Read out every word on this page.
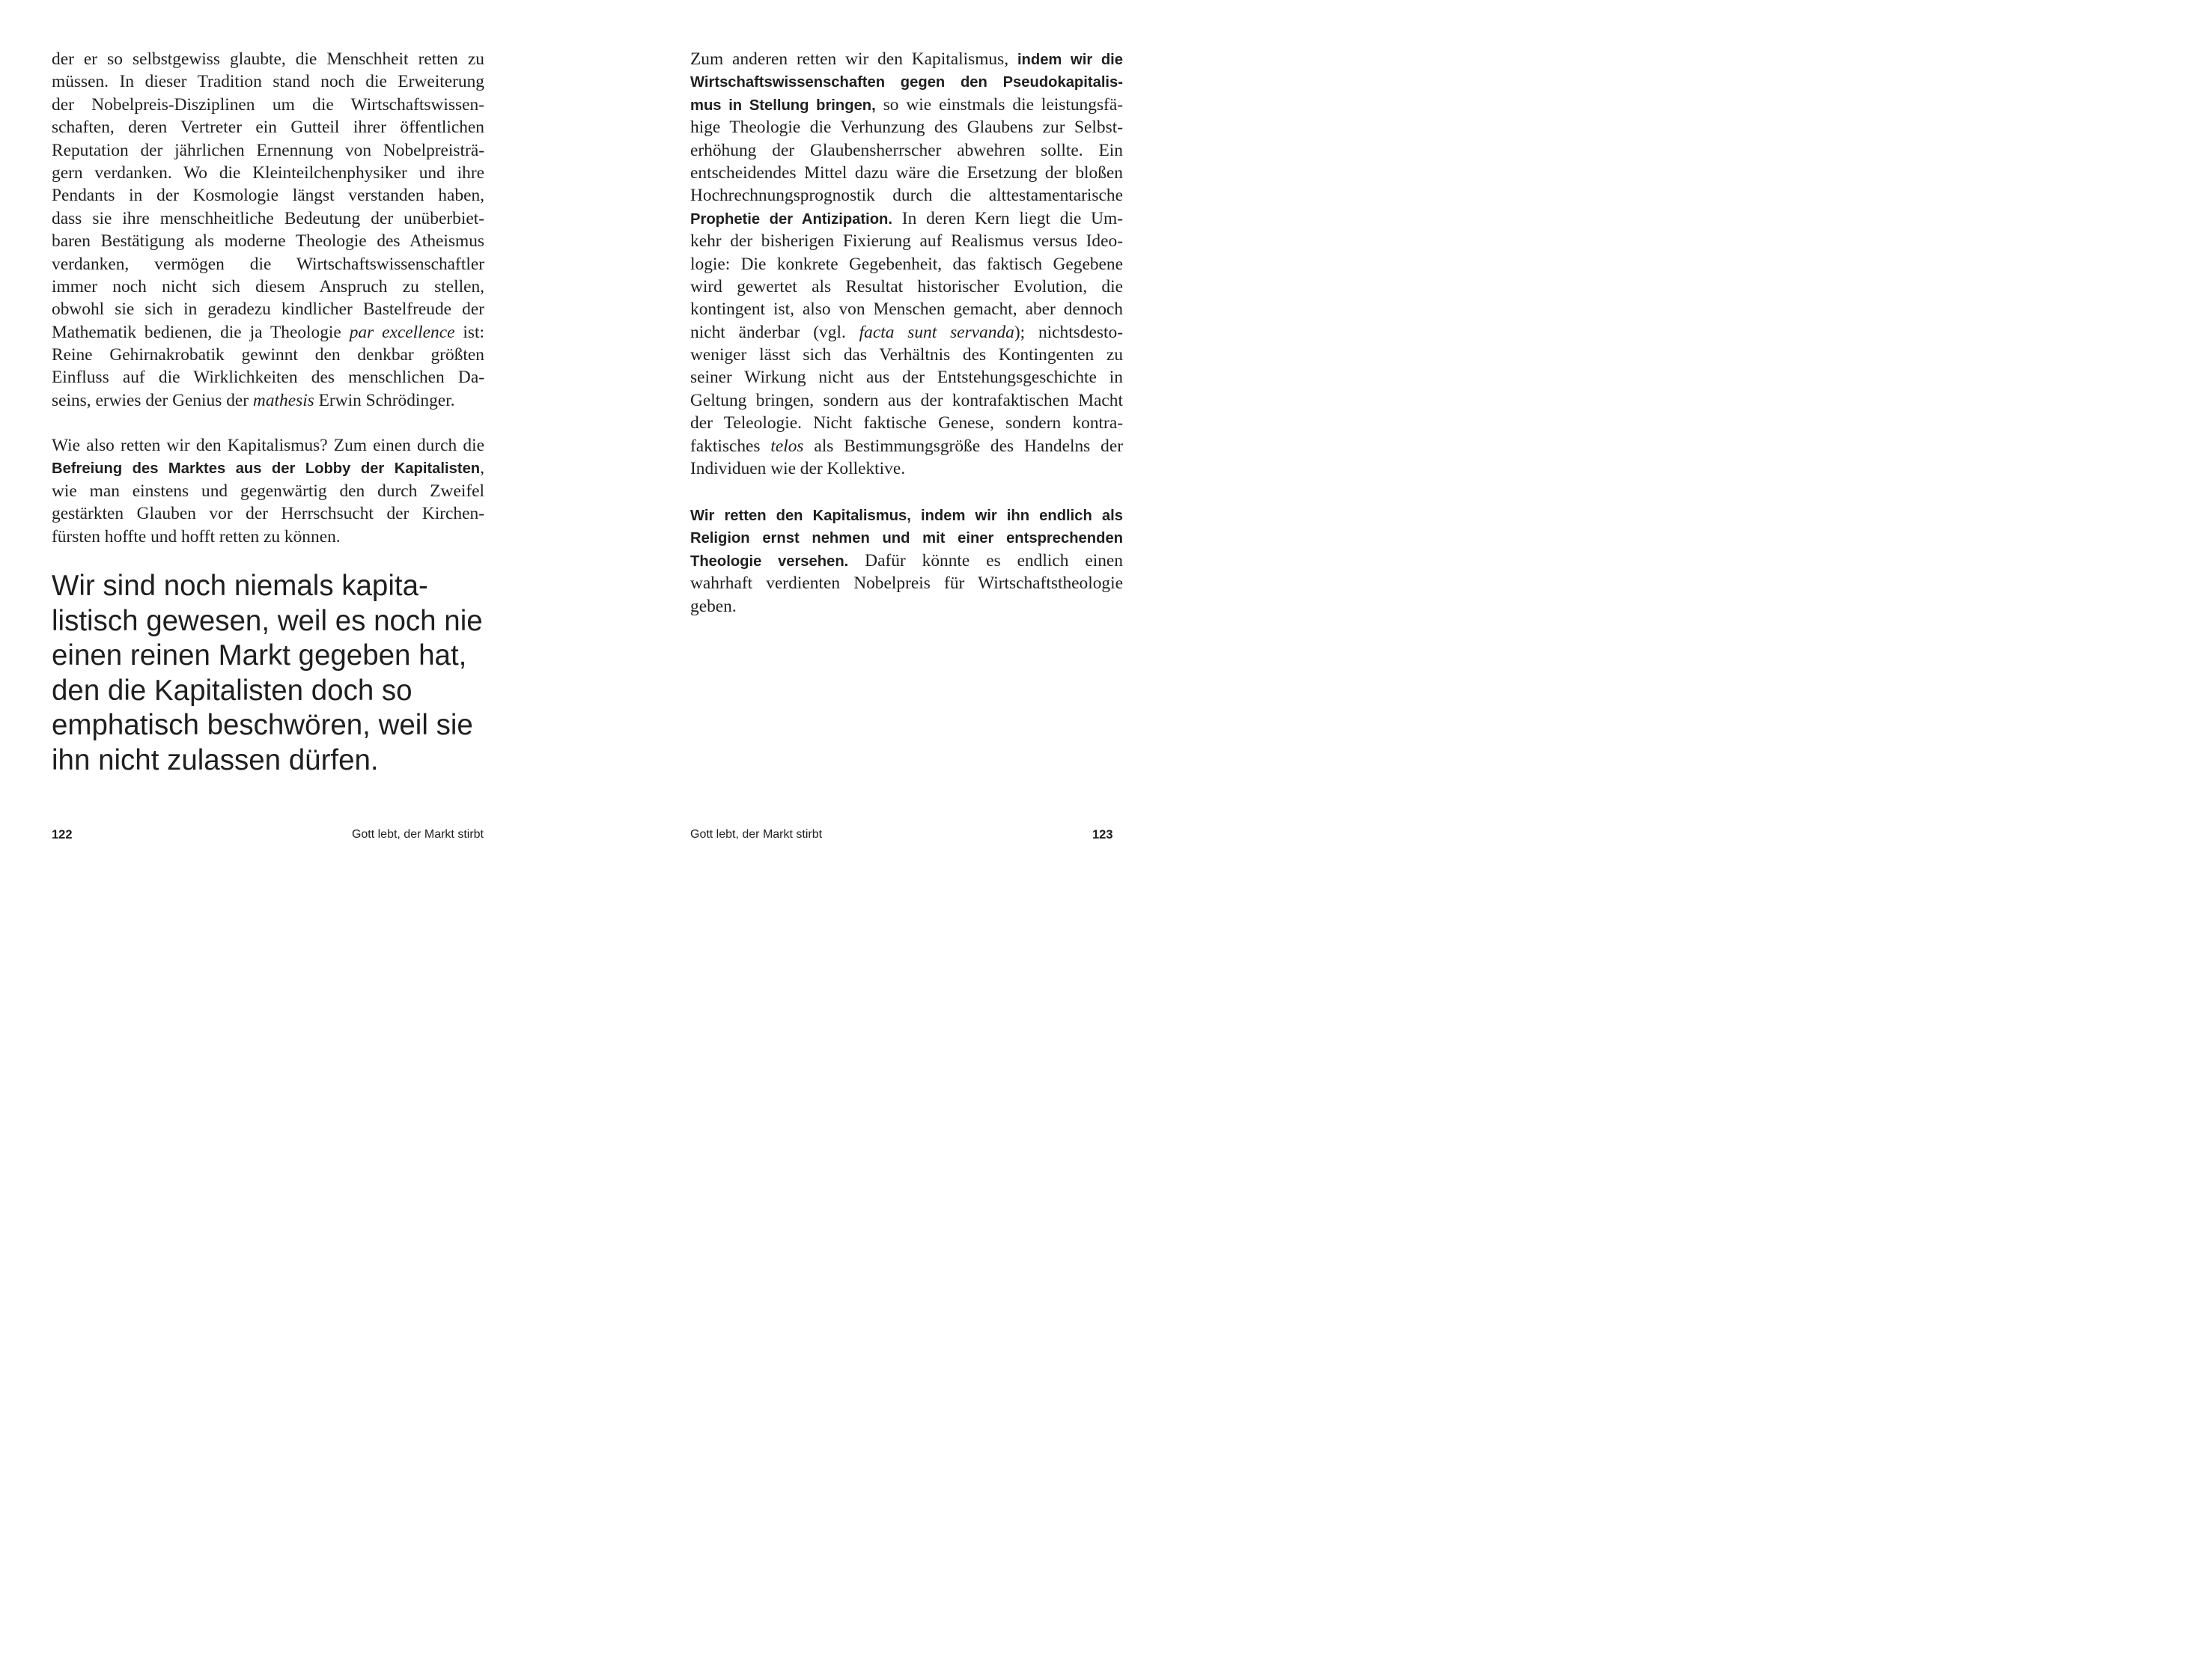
der er so selbstgewiss glaubte, die Menschheit retten zu
müssen. In dieser Tradition stand noch die Erweiterung
der Nobelpreis-Disziplinen um die Wirtschaftswissen-
schaften, deren Vertreter ein Gutteil ihrer öffentlichen
Reputation der jährlichen Ernennung von Nobelpreisträ-
gern verdanken. Wo die Kleinteilchenphysiker und ihre
Pendants in der Kosmologie längst verstanden haben,
dass sie ihre menschheitliche Bedeutung der unüberbiet-
baren Bestätigung als moderne Theologie des Atheismus
verdanken, vermögen die Wirtschaftswissenschaftler
immer noch nicht sich diesem Anspruch zu stellen,
obwohl sie sich in geradezu kindlicher Bastelfreude der
Mathematik bedienen, die ja Theologie par excellence ist:
Reine Gehirnakrobatik gewinnt den denkbar größten
Einfluss auf die Wirklichkeiten des menschlichen Da-
seins, erwies der Genius der mathesis Erwin Schrödinger.
Wie also retten wir den Kapitalismus? Zum einen durch die
Befreiung des Marktes aus der Lobby der Kapitalisten,
wie man einstens und gegenwärtig den durch Zweifel
gestärkten Glauben vor der Herrschsucht der Kirchen-
fürsten hoffte und hofft retten zu können.
Wir sind noch niemals kapita-
listisch gewesen, weil es noch nie
einen reinen Markt gegeben hat,
den die Kapitalisten doch so
emphatisch beschwören, weil sie
ihn nicht zulassen dürfen.
122	Gott lebt, der Markt stirbt
Zum anderen retten wir den Kapitalismus, indem wir die
Wirtschaftswissenschaften gegen den Pseudokapitalis-
mus in Stellung bringen, so wie einstmals die leistungsfä-
hige Theologie die Verhunzung des Glaubens zur Selbst-
erhöhung der Glaubensherrscher abwehren sollte. Ein
entscheidendes Mittel dazu wäre die Ersetzung der bloßen
Hochrechnungsprognostik durch die alttestamentarische
Prophetie der Antizipation. In deren Kern liegt die Um-
kehr der bisherigen Fixierung auf Realismus versus Ideo-
logie: Die konkrete Gegebenheit, das faktisch Gegebene
wird gewertet als Resultat historischer Evolution, die
kontingent ist, also von Menschen gemacht, aber dennoch
nicht änderbar (vgl. facta sunt servanda); nichtsdesto-
weniger lässt sich das Verhältnis des Kontingenten zu
seiner Wirkung nicht aus der Entstehungsgeschichte in
Geltung bringen, sondern aus der kontrafaktischen Macht
der Teleologie. Nicht faktische Genese, sondern kontra-
faktisches telos als Bestimmungsgröße des Handelns der
Individuen wie der Kollektive.
Wir retten den Kapitalismus, indem wir ihn endlich als
Religion ernst nehmen und mit einer entsprechenden
Theologie versehen. Dafür könnte es endlich einen
wahrhaft verdienten Nobelpreis für Wirtschaftstheologie
geben.
Gott lebt, der Markt stirbt	123
